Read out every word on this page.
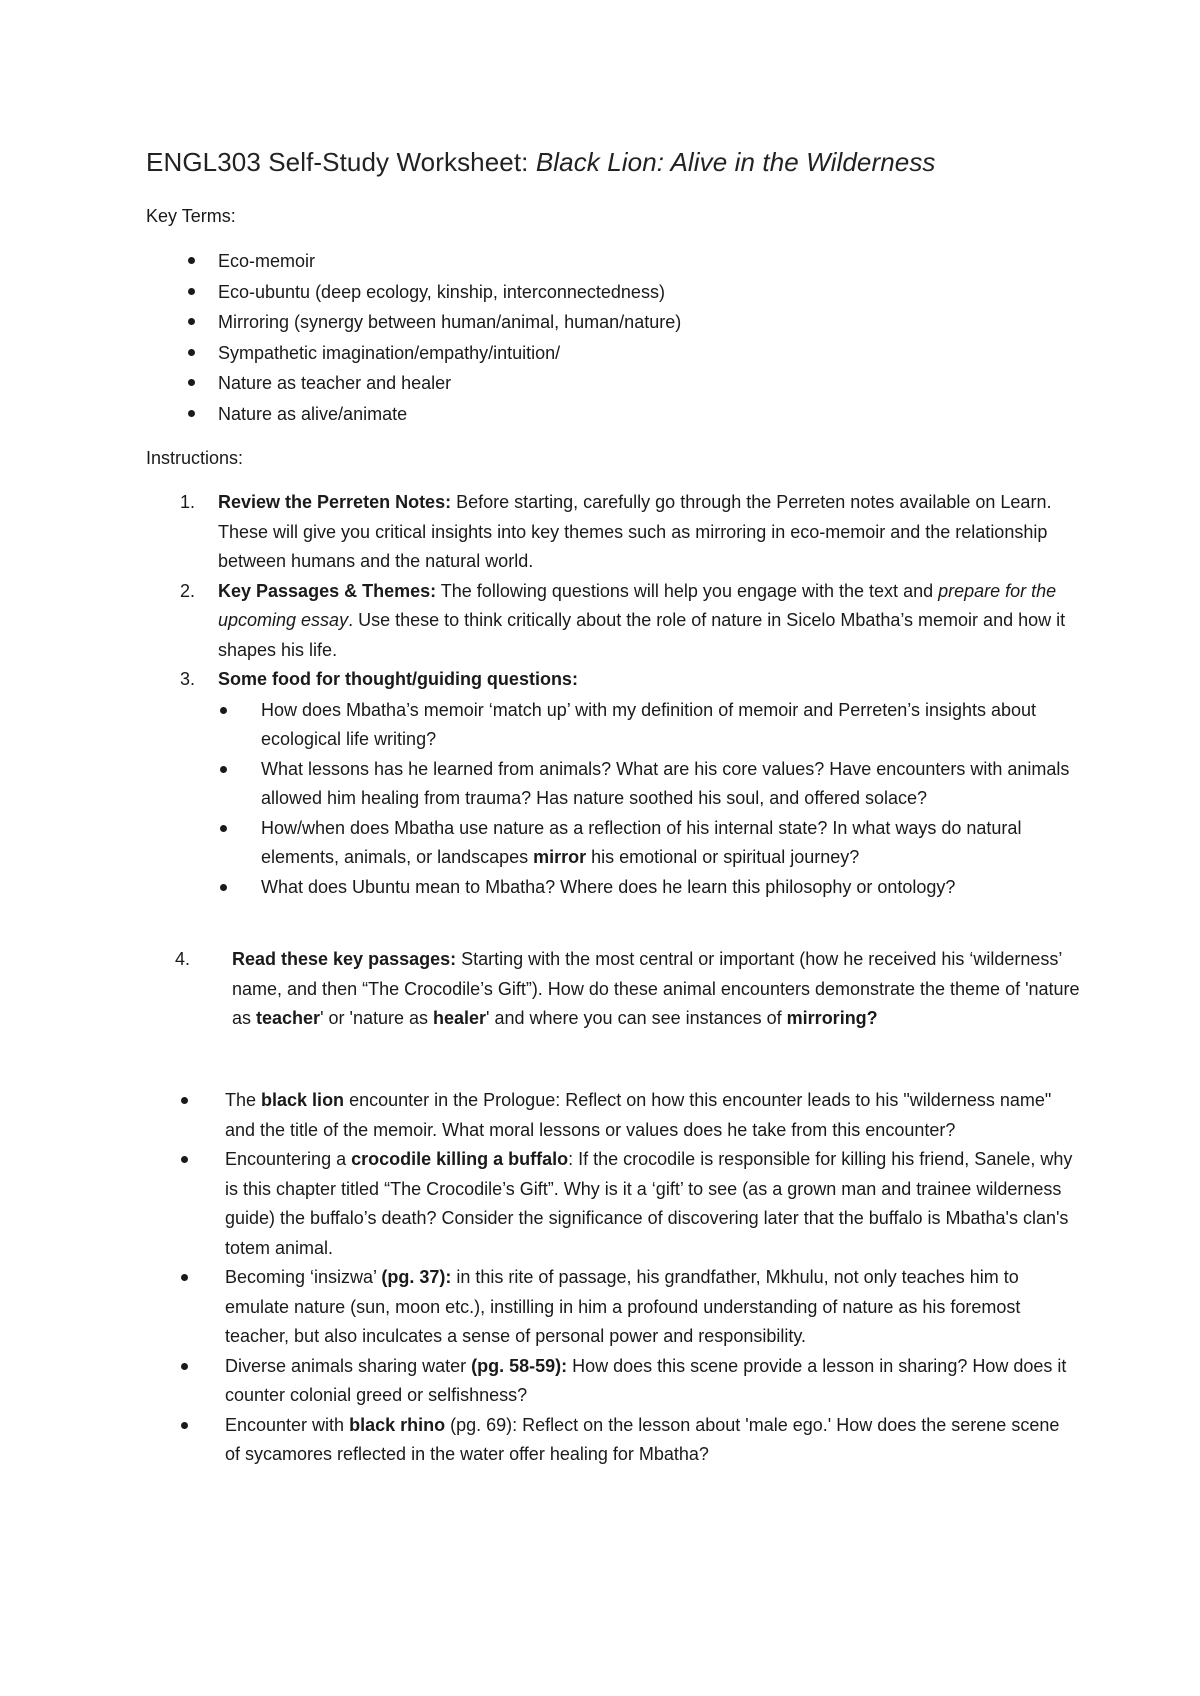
ENGL303 Self-Study Worksheet: Black Lion: Alive in the Wilderness

Key Terms:

Eco-memoir
Eco-ubuntu (deep ecology, kinship, interconnectedness)
Mirroring (synergy between human/animal, human/nature)
Sympathetic imagination/empathy/intuition/
Nature as teacher and healer
Nature as alive/animate

Instructions:

1. Review the Perreten Notes: Before starting, carefully go through the Perreten notes available on Learn. These will give you critical insights into key themes such as mirroring in eco-memoir and the relationship between humans and the natural world.
2. Key Passages & Themes: The following questions will help you engage with the text and prepare for the upcoming essay. Use these to think critically about the role of nature in Sicelo Mbatha’s memoir and how it shapes his life.
3. Some food for thought/guiding questions:
How does Mbatha’s memoir ‘match up’ with my definition of memoir and Perreten’s insights about ecological life writing?
What lessons has he learned from animals? What are his core values? Have encounters with animals allowed him healing from trauma? Has nature soothed his soul, and offered solace?
How/when does Mbatha use nature as a reflection of his internal state? In what ways do natural elements, animals, or landscapes mirror his emotional or spiritual journey?
What does Ubuntu mean to Mbatha? Where does he learn this philosophy or ontology?
4. Read these key passages: Starting with the most central or important (how he received his ‘wilderness’ name, and then “The Crocodile’s Gift”). How do these animal encounters demonstrate the theme of 'nature as teacher' or 'nature as healer' and where you can see instances of mirroring?
The black lion encounter in the Prologue: Reflect on how this encounter leads to his "wilderness name" and the title of the memoir. What moral lessons or values does he take from this encounter?
Encountering a crocodile killing a buffalo: If the crocodile is responsible for killing his friend, Sanele, why is this chapter titled “The Crocodile’s Gift”. Why is it a ‘gift’ to see (as a grown man and trainee wilderness guide) the buffalo’s death? Consider the significance of discovering later that the buffalo is Mbatha's clan's totem animal.
Becoming ‘insizwa’ (pg. 37): in this rite of passage, his grandfather, Mkhulu, not only teaches him to emulate nature (sun, moon etc.), instilling in him a profound understanding of nature as his foremost teacher, but also inculcates a sense of personal power and responsibility.
Diverse animals sharing water (pg. 58-59): How does this scene provide a lesson in sharing? How does it counter colonial greed or selfishness?
Encounter with black rhino (pg. 69): Reflect on the lesson about 'male ego.' How does the serene scene of sycamores reflected in the water offer healing for Mbatha?
